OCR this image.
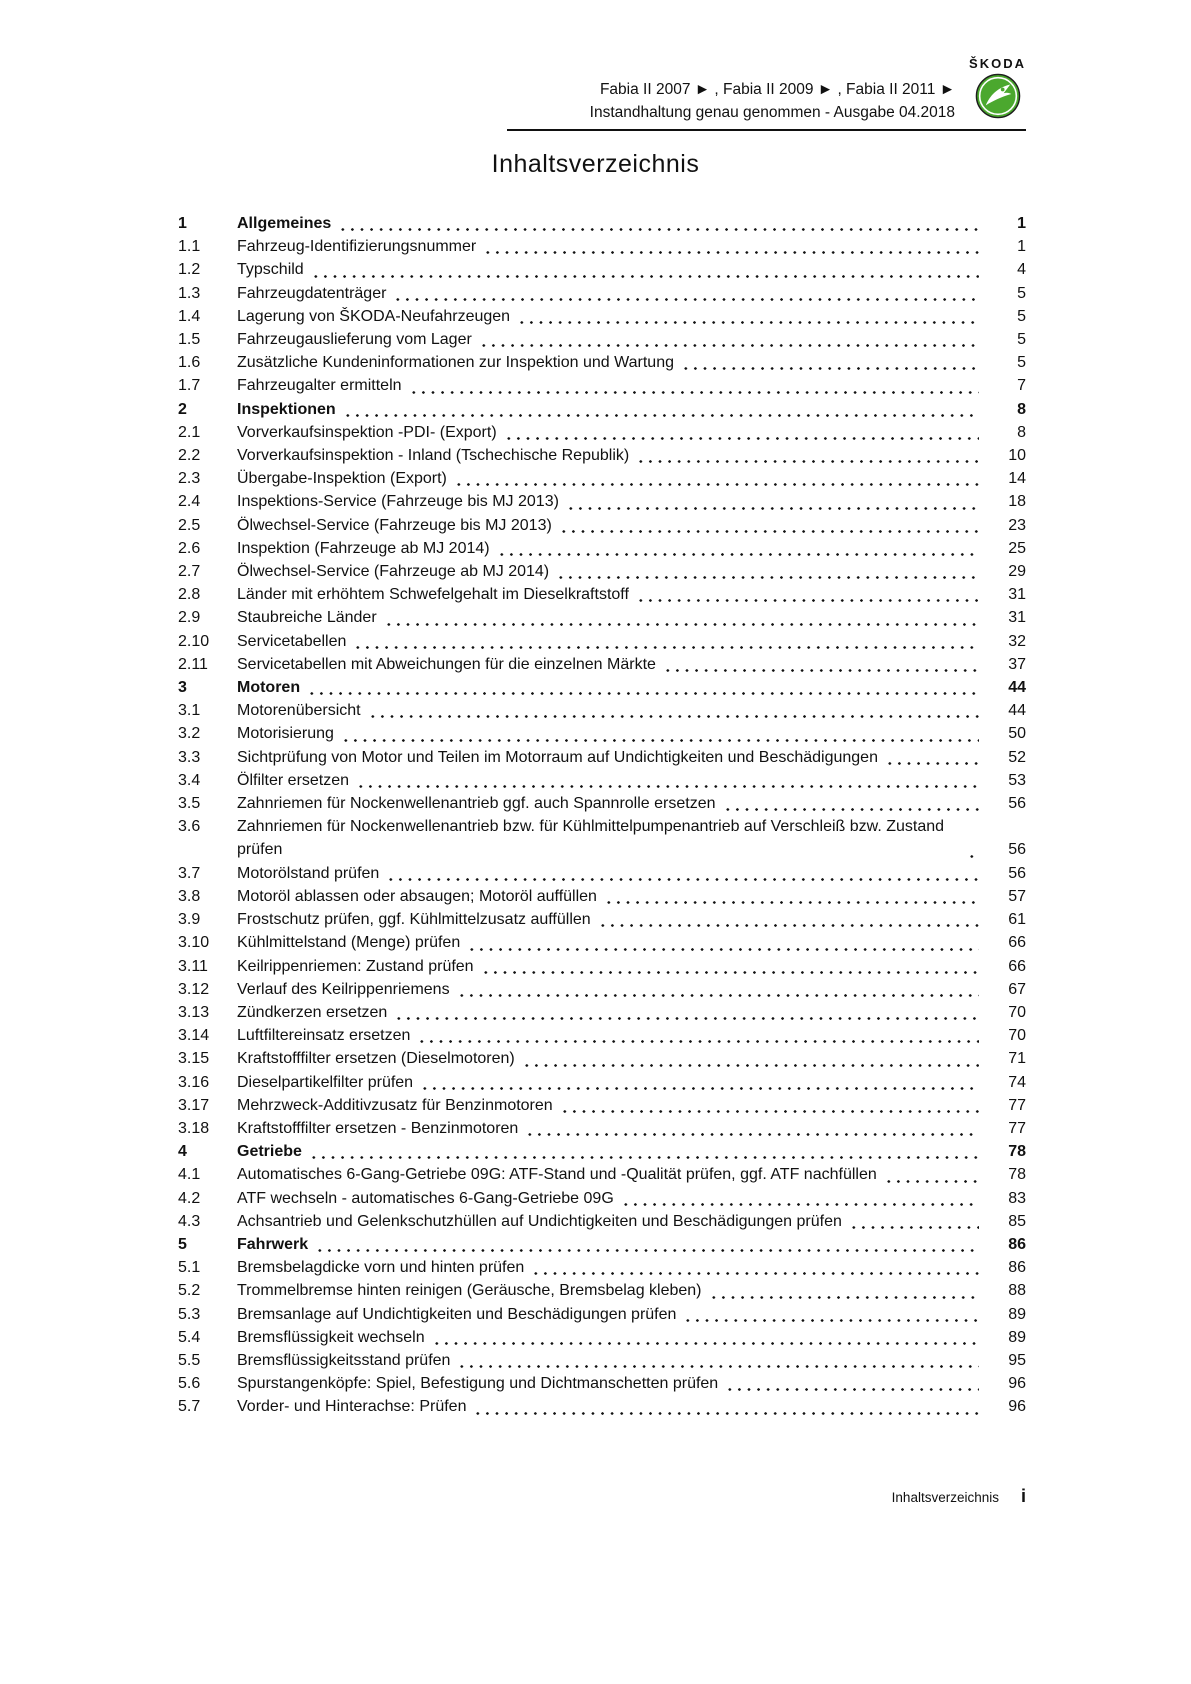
Fabia II 2007 ► , Fabia II 2009 ► , Fabia II 2011 ►
Instandhaltung genau genommen - Ausgabe 04.2018
ŠKODA
Inhaltsverzeichnis
1	Allgemeines	1
1.1	Fahrzeug-Identifizierungsnummer	1
1.2	Typschild	4
1.3	Fahrzeugdatenträger	5
1.4	Lagerung von ŠKODA-Neufahrzeugen	5
1.5	Fahrzeugauslieferung vom Lager	5
1.6	Zusätzliche Kundeninformationen zur Inspektion und Wartung	5
1.7	Fahrzeugalter ermitteln	7
2	Inspektionen	8
2.1	Vorverkaufsinspektion -PDI- (Export)	8
2.2	Vorverkaufsinspektion - Inland (Tschechische Republik)	10
2.3	Übergabe-Inspektion (Export)	14
2.4	Inspektions-Service (Fahrzeuge bis MJ 2013)	18
2.5	Ölwechsel-Service (Fahrzeuge bis MJ 2013)	23
2.6	Inspektion (Fahrzeuge ab MJ 2014)	25
2.7	Ölwechsel-Service (Fahrzeuge ab MJ 2014)	29
2.8	Länder mit erhöhtem Schwefelgehalt im Dieselkraftstoff	31
2.9	Staubreiche Länder	31
2.10	Servicetabellen	32
2.11	Servicetabellen mit Abweichungen für die einzelnen Märkte	37
3	Motoren	44
3.1	Motorenübersicht	44
3.2	Motorisierung	50
3.3	Sichtprüfung von Motor und Teilen im Motorraum auf Undichtigkeiten und Beschädigungen	52
3.4	Ölfilter ersetzen	53
3.5	Zahnriemen für Nockenwellenantrieb ggf. auch Spannrolle ersetzen	56
3.6	Zahnriemen für Nockenwellenantrieb bzw. für Kühlmittelpumpenantrieb auf Verschleiß bzw. Zustand prüfen	56
3.7	Motorölstand prüfen	56
3.8	Motoröl ablassen oder absaugen; Motoröl auffüllen	57
3.9	Frostschutz prüfen, ggf. Kühlmittelzusatz auffüllen	61
3.10	Kühlmittelstand (Menge) prüfen	66
3.11	Keilrippenriemen: Zustand prüfen	66
3.12	Verlauf des Keilrippenriemens	67
3.13	Zündkerzen ersetzen	70
3.14	Luftfiltereinsatz ersetzen	70
3.15	Kraftstofffilter ersetzen (Dieselmotoren)	71
3.16	Dieselpartikelfilter prüfen	74
3.17	Mehrzweck-Additivzusatz für Benzinmotoren	77
3.18	Kraftstofffilter ersetzen - Benzinmotoren	77
4	Getriebe	78
4.1	Automatisches 6-Gang-Getriebe 09G: ATF-Stand und -Qualität prüfen, ggf. ATF nachfüllen	78
4.2	ATF wechseln - automatisches 6-Gang-Getriebe 09G	83
4.3	Achsantrieb und Gelenkschutzhüllen auf Undichtigkeiten und Beschädigungen prüfen	85
5	Fahrwerk	86
5.1	Bremsbelagdicke vorn und hinten prüfen	86
5.2	Trommelbremse hinten reinigen (Geräusche, Bremsbelag kleben)	88
5.3	Bremsanlage auf Undichtigkeiten und Beschädigungen prüfen	89
5.4	Bremsflüssigkeit wechseln	89
5.5	Bremsflüssigkeitsstand prüfen	95
5.6	Spurstangenköpfe: Spiel, Befestigung und Dichtmanschetten prüfen	96
5.7	Vorder- und Hinterachse: Prüfen	96
Inhaltsverzeichnis i
